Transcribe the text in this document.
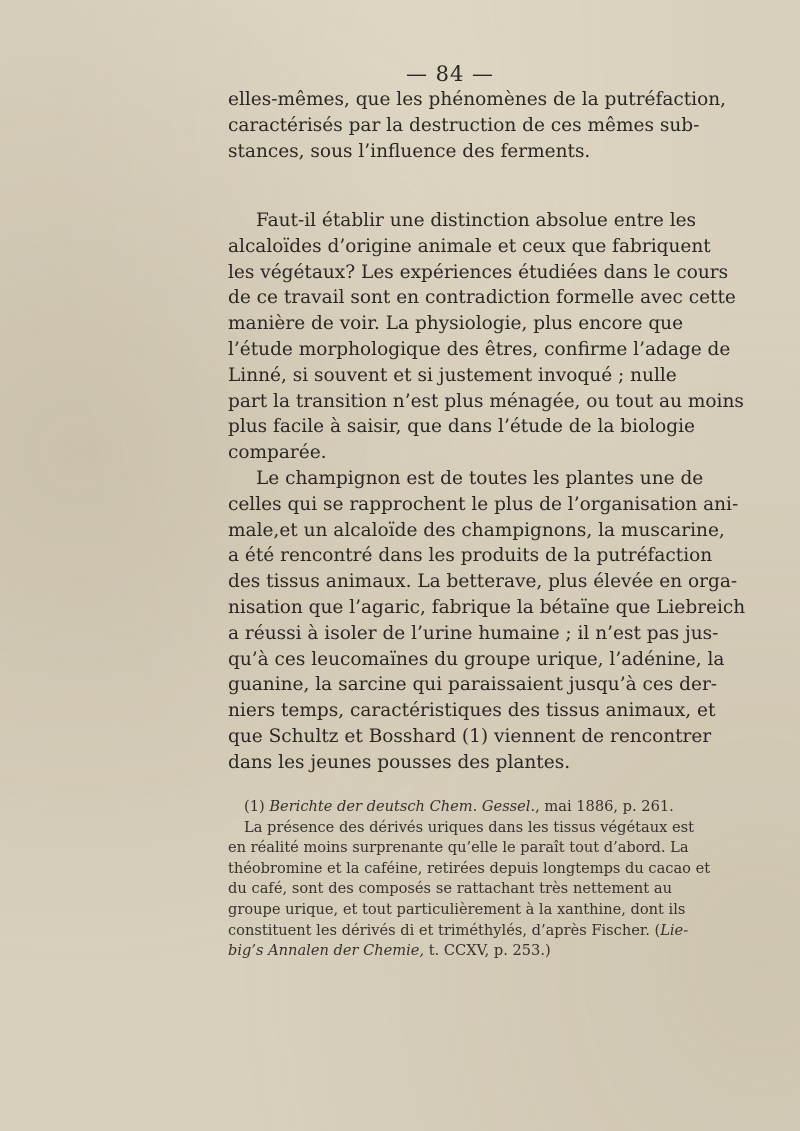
— 84 —
elles-mêmes, que les phénomènes de la putréfaction,
caractérisés par la destruction de ces mêmes sub-
stances, sous l’influence des ferments.
Faut-il établir une distinction absolue entre les
alcaloïdes d’origine animale et ceux que fabriquent
les végétaux? Les expériences étudiées dans le cours
de ce travail sont en contradiction formelle avec cette
manière de voir. La physiologie, plus encore que
l’étude morphologique des êtres, confirme l’adage de
Linné, si souvent et si justement invoqué ; nulle
part la transition n’est plus ménagée, ou tout au moins
plus facile à saisir, que dans l’étude de la biologie
comparée.
Le champignon est de toutes les plantes une de
celles qui se rapprochent le plus de l’organisation ani-
male,et un alcaloïde des champignons, la muscarine,
a été rencontré dans les produits de la putréfaction
des tissus animaux. La betterave, plus élevée en orga-
nisation que l’agaric, fabrique la bétaïne que Liebreich
a réussi à isoler de l’urine humaine ; il n’est pas jus-
qu’à ces leucomaïnes du groupe urique, l’adénine, la
guanine, la sarcine qui paraissaient jusqu’à ces der-
niers temps, caractéristiques des tissus animaux, et
que Schultz et Bosshard (1) viennent de rencontrer
dans les jeunes pousses des plantes.
(1) Berichte der deutsch Chem. Gessel., mai 1886, p. 261.
La présence des dérivés uriques dans les tissus végétaux est
en réalité moins surprenante qu’elle le paraît tout d’abord. La
théobromine et la caféine, retirées depuis longtemps du cacao et
du café, sont des composés se rattachant très nettement au
groupe urique, et tout particulièrement à la xanthine, dont ils
constituent les dérivés di et triméthylés, d’après Fischer. (Lie-
big’s Annalen der Chemie, t. CCXV, p. 253.)
